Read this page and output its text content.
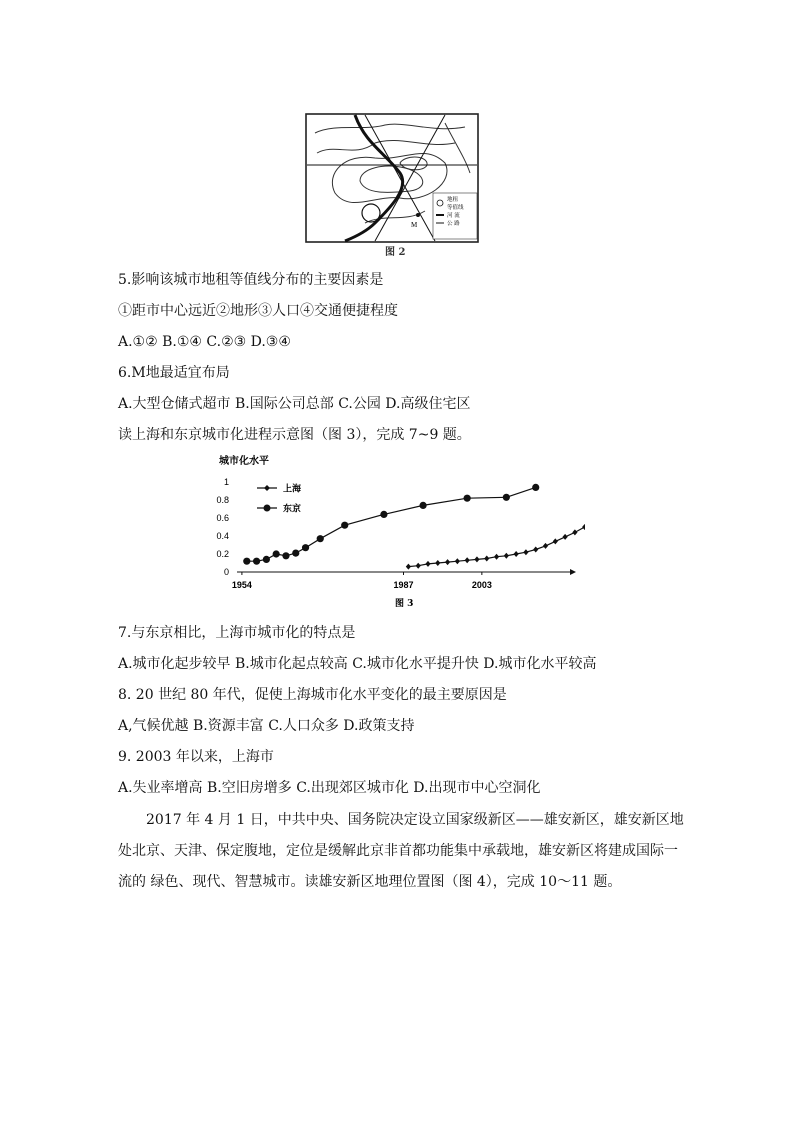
M
地租
等值线
河 流
公 路
图 2
5.影响该城市地租等值线分布的主要因素是
①距市中心远近②地形③人口④交通便捷程度
A.①② B.①④ C.②③ D.③④
6.M地最适宜布局
A.大型仓储式超市 B.国际公司总部 C.公园 D.高级住宅区
读上海和东京城市化进程示意图（图 3），完成 7~9 题。
城市化水平
0
0.2
0.4
0.6
0.8
1
1954	1987	2003
图 3
上海
东京
7.与东京相比，上海市城市化的特点是
A.城市化起步较早 B.城市化起点较高 C.城市化水平提升快 D.城市化水平较高
8. 20 世纪 80 年代，促使上海城市化水平变化的最主要原因是
A,气候优越 B.资源丰富 C.人口众多 D.政策支持
9. 2003 年以来，上海市
A.失业率增高 B.空旧房增多 C.出现郊区城市化 D.出现市中心空洞化
2017 年 4 月 1 日，中共中央、国务院决定设立国家级新区——雄安新区，雄安新区地
处北京、天津、保定腹地，定位是缓解此京非首都功能集中承载地，雄安新区将建成国际一
流的 绿色、现代、智慧城市。读雄安新区地理位置图（图 4），完成 10～11 题。
